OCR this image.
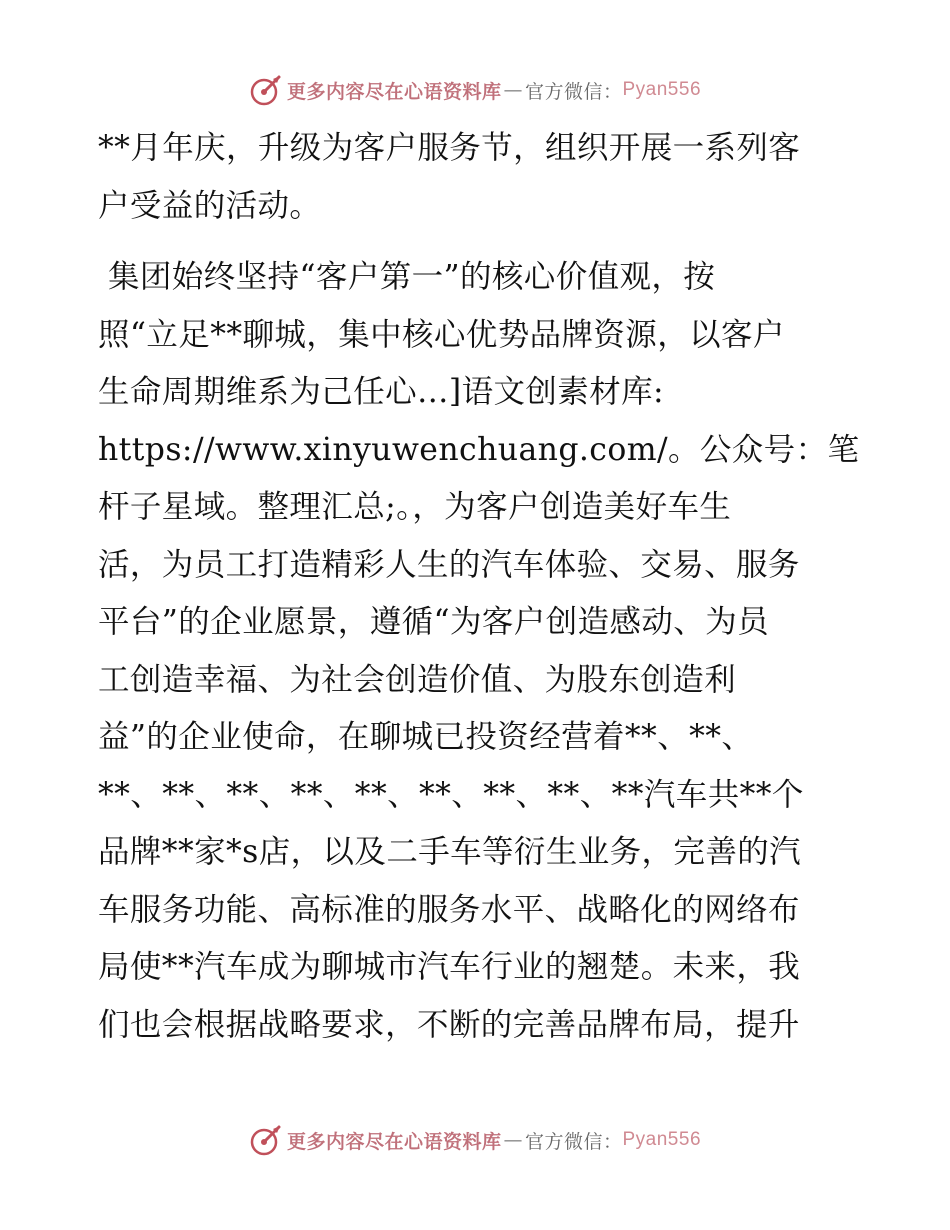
更多内容尽在心语资料库 — 官方微信： Pyan556
**月年庆，升级为客户服务节，组织开展一系列客
户受益的活动。
集团始终坚持“客户第一”的核心价值观，按
照“立足**聊城，集中核心优势品牌资源，以客户
生命周期维系为己任心…]语文创素材库:
https://www.xinyuwenchuang.com/。公众号：笔
杆子星域。整理汇总;。，为客户创造美好车生
活，为员工打造精彩人生的汽车体验、交易、服务
平台”的企业愿景，遵循“为客户创造感动、为员
工创造幸福、为社会创造价值、为股东创造利
益”的企业使命，在聊城已投资经营着**、**、
**、**、**、**、**、**、**、**、**汽车共**个
品牌**家*s店，以及二手车等衍生业务，完善的汽
车服务功能、高标准的服务水平、战略化的网络布
局使**汽车成为聊城市汽车行业的翘楚。未来，我
们也会根据战略要求，不断的完善品牌布局，提升
更多内容尽在心语资料库 — 官方微信： Pyan556
